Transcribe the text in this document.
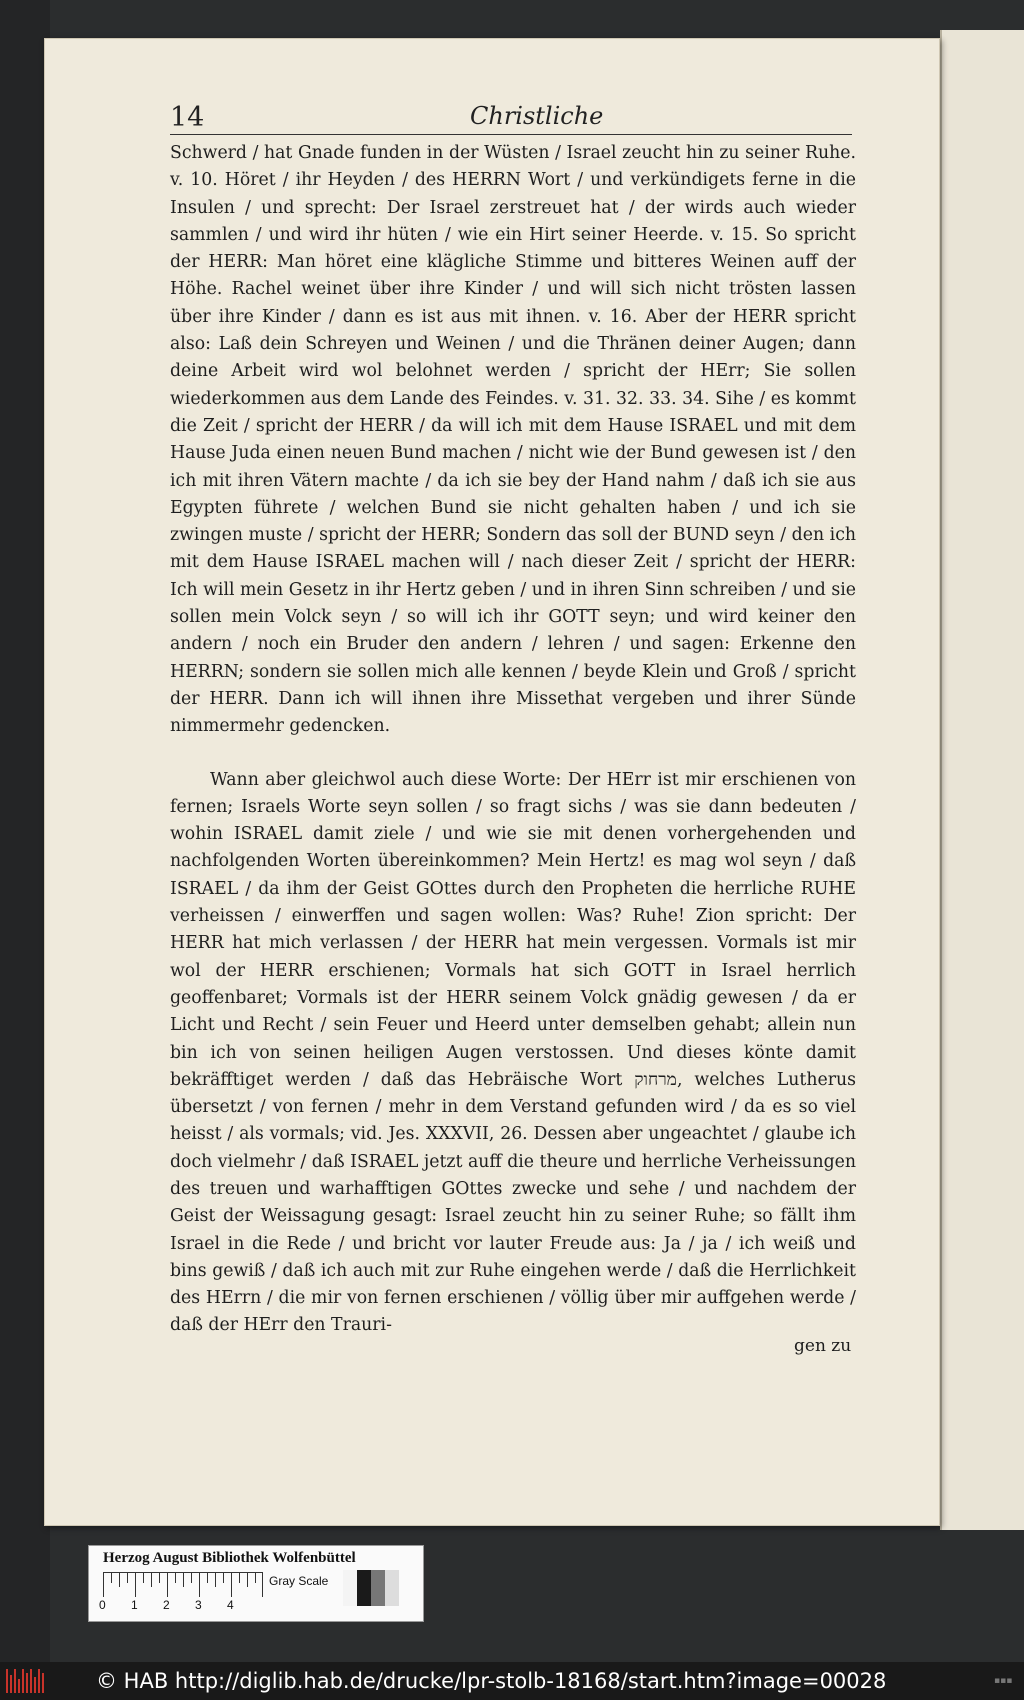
14	Christliche

Schwerd / hat Gnade funden in der Wüsten / Israel zeucht hin zu seiner Ruhe. v. 10. Höret / ihr Heyden / des HERRN Wort / und verkündigets ferne in die Insulen / und sprecht: Der Israel zerstreuet hat / der wirds auch wieder sammlen / und wird ihr hüten / wie ein Hirt seiner Heerde. v. 15. So spricht der HERR: Man höret eine klägliche Stimme und bitteres Weinen auff der Höhe. Rachel weinet über ihre Kinder / und will sich nicht trösten lassen über ihre Kinder / dann es ist aus mit ihnen. v. 16. Aber der HERR spricht also: Laß dein Schreyen und Weinen / und die Thränen deiner Augen; dann deine Arbeit wird wol belohnet werden / spricht der HErr; Sie sollen wiederkommen aus dem Lande des Feindes. v. 31. 32. 33. 34. Sihe / es kommt die Zeit / spricht der HERR / da will ich mit dem Hause ISRAEL und mit dem Hause Juda einen neuen Bund machen / nicht wie der Bund gewesen ist / den ich mit ihren Vätern machte / da ich sie bey der Hand nahm / daß ich sie aus Egypten führete / welchen Bund sie nicht gehalten haben / und ich sie zwingen muste / spricht der HERR; Sondern das soll der BUND seyn / den ich mit dem Hause ISRAEL machen will / nach dieser Zeit / spricht der HERR: Ich will mein Gesetz in ihr Hertz geben / und in ihren Sinn schreiben / und sie sollen mein Volck seyn / so will ich ihr GOTT seyn; und wird keiner den andern / noch ein Bruder den andern / lehren / und sagen: Erkenne den HERRN; sondern sie sollen mich alle kennen / beyde Klein und Groß / spricht der HERR. Dann ich will ihnen ihre Missethat vergeben und ihrer Sünde nimmermehr gedencken.

Wann aber gleichwol auch diese Worte: Der HErr ist mir erschienen von fernen; Israels Worte seyn sollen / so fragt sichs / was sie dann bedeuten / wohin ISRAEL damit ziele / und wie sie mit denen vorhergehenden und nachfolgenden Worten übereinkommen? Mein Hertz! es mag wol seyn / daß ISRAEL / da ihm der Geist GOttes durch den Propheten die herrliche RUHE verheissen / einwerffen und sagen wollen: Was? Ruhe! Zion spricht: Der HERR hat mich verlassen / der HERR hat mein vergessen. Vormals ist mir wol der HERR erschienen; Vormals hat sich GOTT in Israel herrlich geoffenbaret; Vormals ist der HERR seinem Volck gnädig gewesen / da er Licht und Recht / sein Feuer und Heerd unter demselben gehabt; allein nun bin ich von seinen heiligen Augen verstossen. Und dieses könte damit bekräfftiget werden / daß das Hebräische Wort מרחוק, welches Lutherus übersetzt / von fernen / mehr in dem Verstand gefunden wird / da es so viel heisst / als vormals; vid. Jes. XXXVII, 26. Dessen aber ungeachtet / glaube ich doch vielmehr / daß ISRAEL jetzt auff die theure und herrliche Verheissungen des treuen und warhafftigen GOttes zwecke und sehe / und nachdem der Geist der Weissagung gesagt: Israel zeucht hin zu seiner Ruhe; so fällt ihm Israel in die Rede / und bricht vor lauter Freude aus: Ja / ja / ich weiß und bins gewiß / daß ich auch mit zur Ruhe eingehen werde / daß die Herrlichkeit des HErrn / die mir von fernen erschienen / völlig über mir auffgehen werde / daß der HErr den Trauri-

gen zu
Herzog August Bibliothek Wolfenbüttel
0 1 2 3 4
Gray Scale
© HAB http://diglib.hab.de/drucke/lpr-stolb-18168/start.htm?image=00028	▪▪▪
